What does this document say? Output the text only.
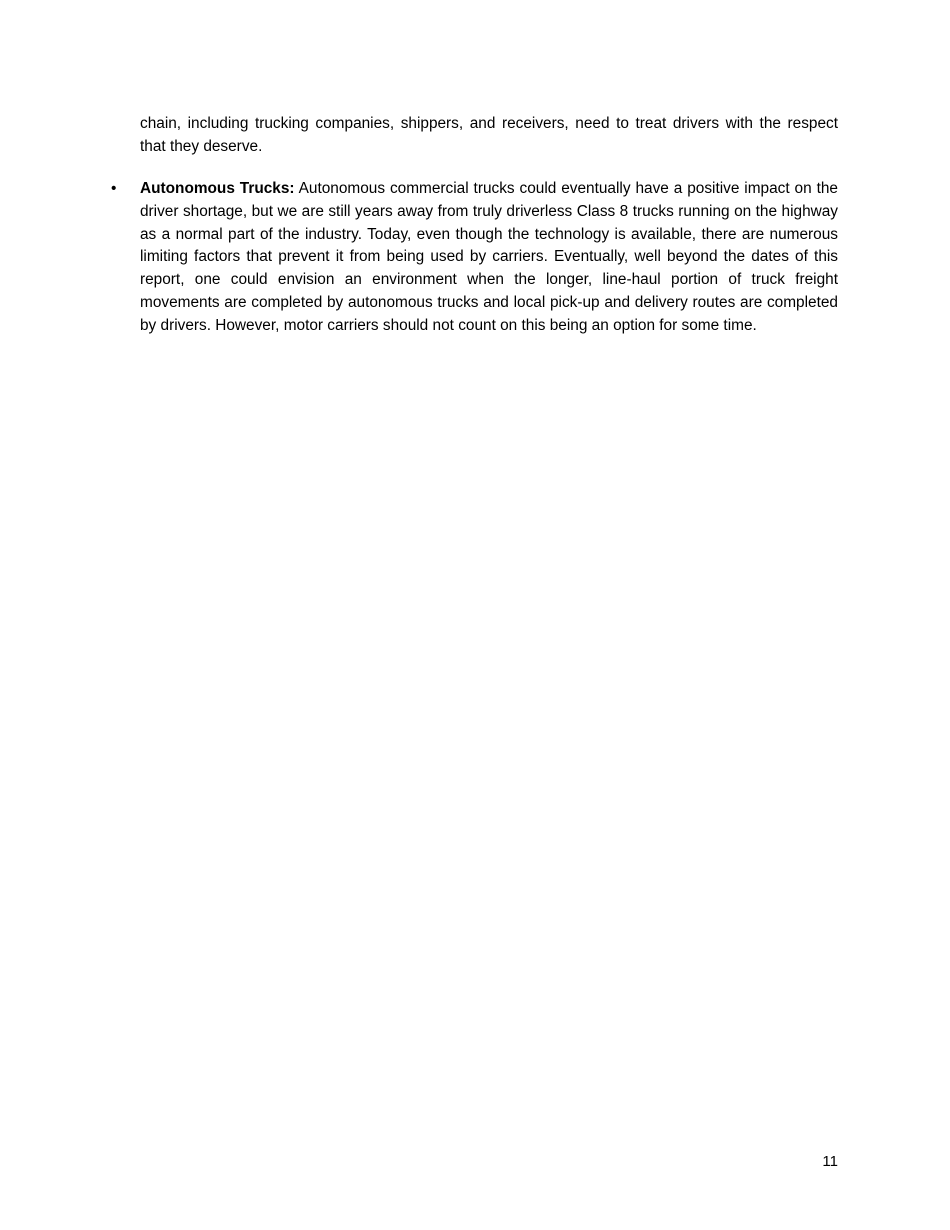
chain, including trucking companies, shippers, and receivers, need to treat drivers with the respect that they deserve.

• Autonomous Trucks: Autonomous commercial trucks could eventually have a positive impact on the driver shortage, but we are still years away from truly driverless Class 8 trucks running on the highway as a normal part of the industry. Today, even though the technology is available, there are numerous limiting factors that prevent it from being used by carriers. Eventually, well beyond the dates of this report, one could envision an environment when the longer, line-haul portion of truck freight movements are completed by autonomous trucks and local pick-up and delivery routes are completed by drivers. However, motor carriers should not count on this being an option for some time.

11
